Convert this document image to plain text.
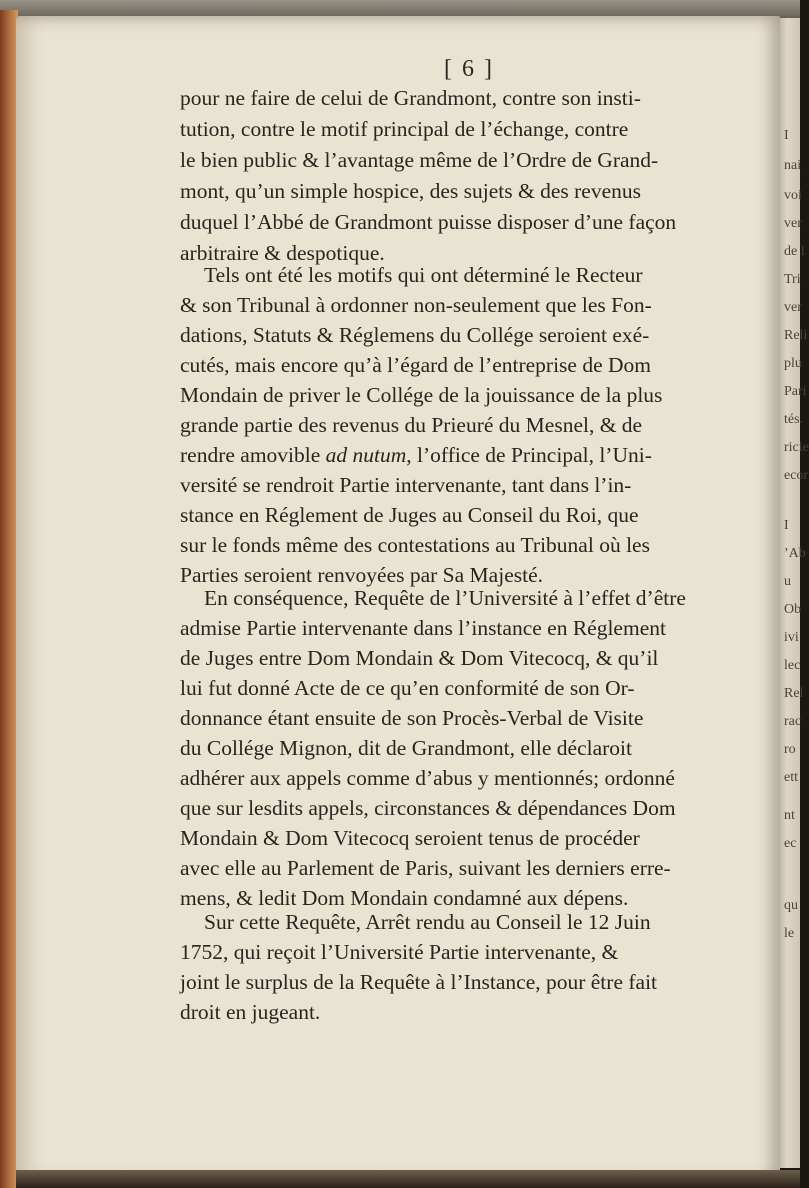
I
nai
voi
ver
de l
Tri
ver
Reli
plu
Pari
tés.
ricie
ecor
I
’Ab
u
Ob
ivi
lec
Rel
rac
ro
ett
nt
ec
qu
le
[ 6 ]
pour ne faire de celui de Grandmont, contre son insti-
tution, contre le motif principal de l’échange, contre
le bien public & l’avantage même de l’Ordre de Grand-
mont, qu’un simple hospice, des sujets & des revenus
duquel l’Abbé de Grandmont puisse disposer d’une façon
arbitraire & despotique.
Tels ont été les motifs qui ont déterminé le Recteur
& son Tribunal à ordonner non-seulement que les Fon-
dations, Statuts & Réglemens du Collége seroient exé-
cutés, mais encore qu’à l’égard de l’entreprise de Dom
Mondain de priver le Collége de la jouissance de la plus
grande partie des revenus du Prieuré du Mesnel, & de
rendre amovible ad nutum, l’office de Principal, l’Uni-
versité se rendroit Partie intervenante, tant dans l’in-
stance en Réglement de Juges au Conseil du Roi, que
sur le fonds même des contestations au Tribunal où les
Parties seroient renvoyées par Sa Majesté.
En conséquence, Requête de l’Université à l’effet d’être
admise Partie intervenante dans l’instance en Réglement
de Juges entre Dom Mondain & Dom Vitecocq, & qu’il
lui fut donné Acte de ce qu’en conformité de son Or-
donnance étant ensuite de son Procès-Verbal de Visite
du Collége Mignon, dit de Grandmont, elle déclaroit
adhérer aux appels comme d’abus y mentionnés; ordonné
que sur lesdits appels, circonstances & dépendances Dom
Mondain & Dom Vitecocq seroient tenus de procéder
avec elle au Parlement de Paris, suivant les derniers erre-
mens, & ledit Dom Mondain condamné aux dépens.
Sur cette Requête, Arrêt rendu au Conseil le 12 Juin
1752, qui reçoit l’Université Partie intervenante, &
joint le surplus de la Requête à l’Instance, pour être fait
droit en jugeant.
